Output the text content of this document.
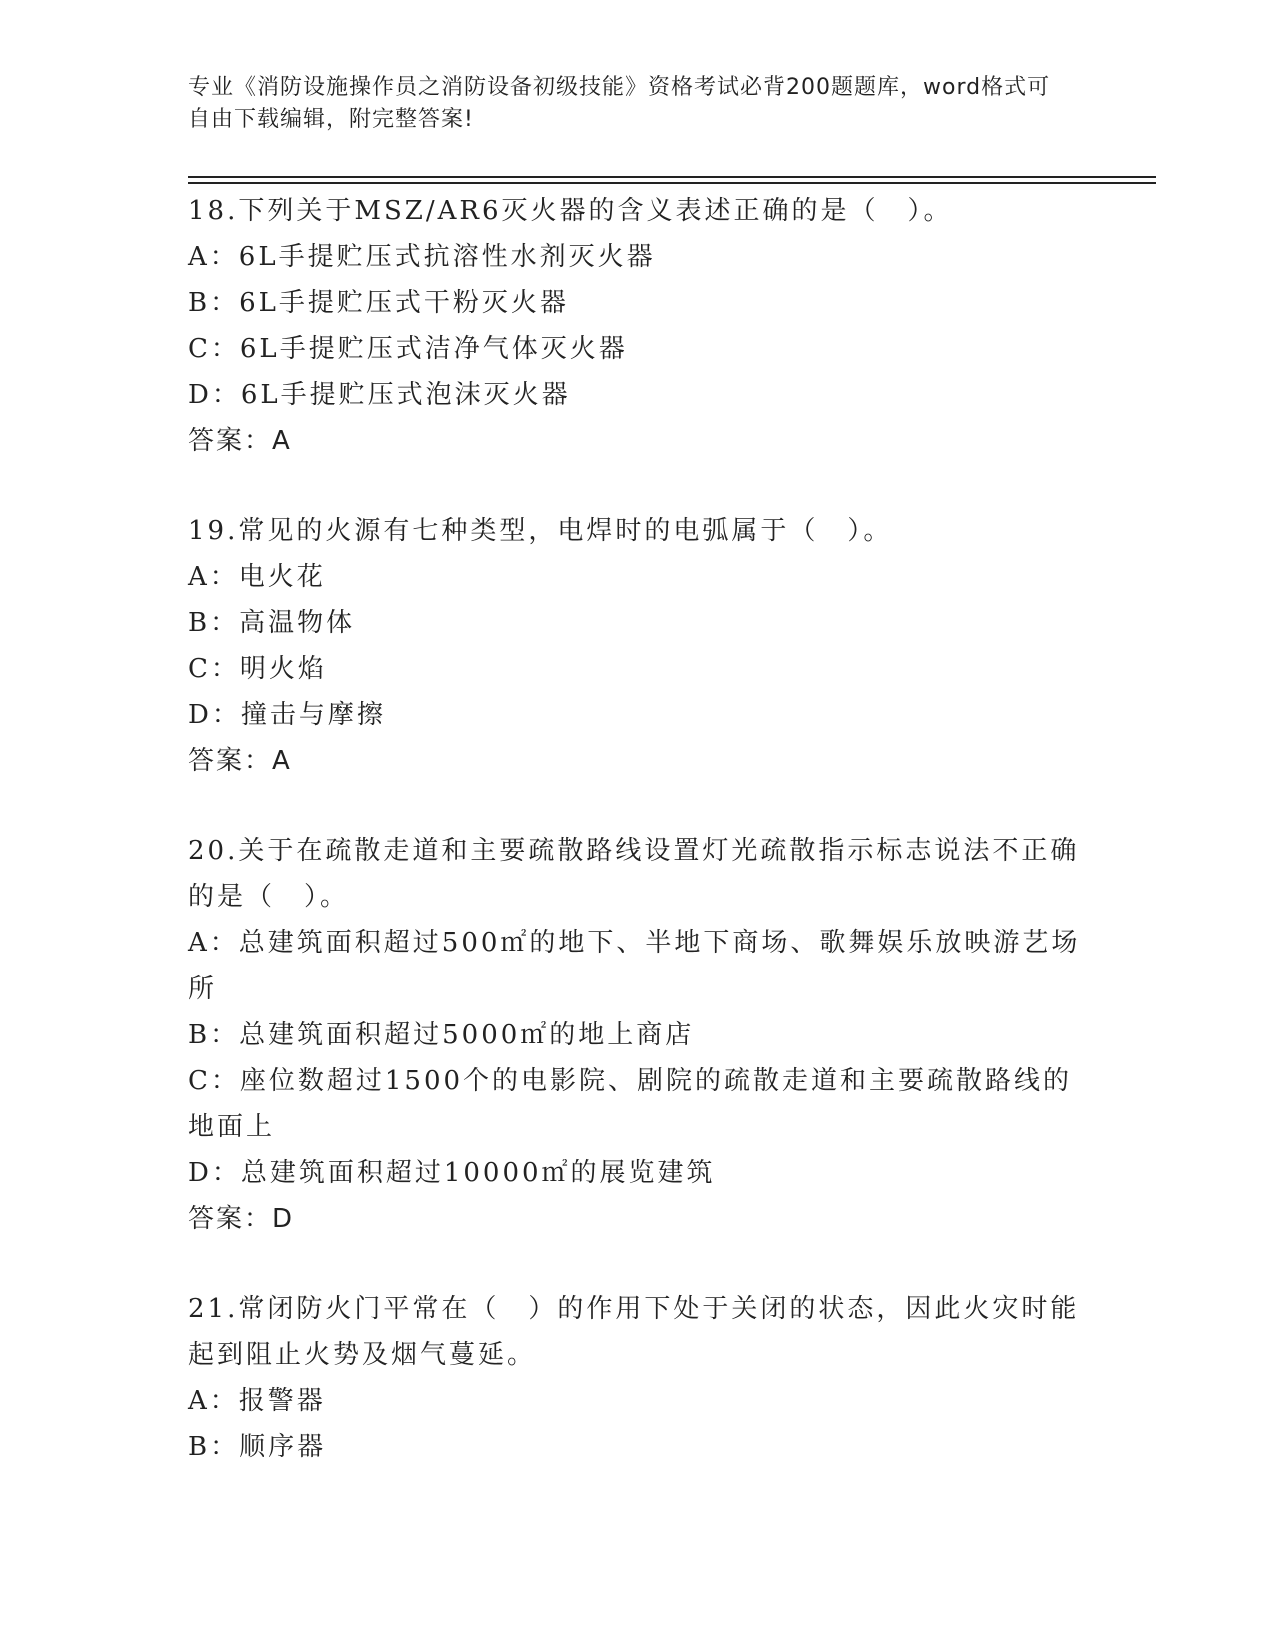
专业《消防设施操作员之消防设备初级技能》资格考试必背200题题库，word格式可自由下载编辑，附完整答案!

18.下列关于MSZ/AR6灭火器的含义表述正确的是（　）。

A：6L手提贮压式抗溶性水剂灭火器

B：6L手提贮压式干粉灭火器

C：6L手提贮压式洁净气体灭火器

D：6L手提贮压式泡沫灭火器

答案：A

19.常见的火源有七种类型，电焊时的电弧属于（　）。

A：电火花

B：高温物体

C：明火焰

D：撞击与摩擦

答案：A

20.关于在疏散走道和主要疏散路线设置灯光疏散指示标志说法不正确的是（　）。

A：总建筑面积超过500㎡的地下、半地下商场、歌舞娱乐放映游艺场所

B：总建筑面积超过5000㎡的地上商店

C：座位数超过1500个的电影院、剧院的疏散走道和主要疏散路线的地面上

D：总建筑面积超过10000㎡的展览建筑

答案：D

21.常闭防火门平常在（　）的作用下处于关闭的状态，因此火灾时能起到阻止火势及烟气蔓延。

A：报警器

B：顺序器
